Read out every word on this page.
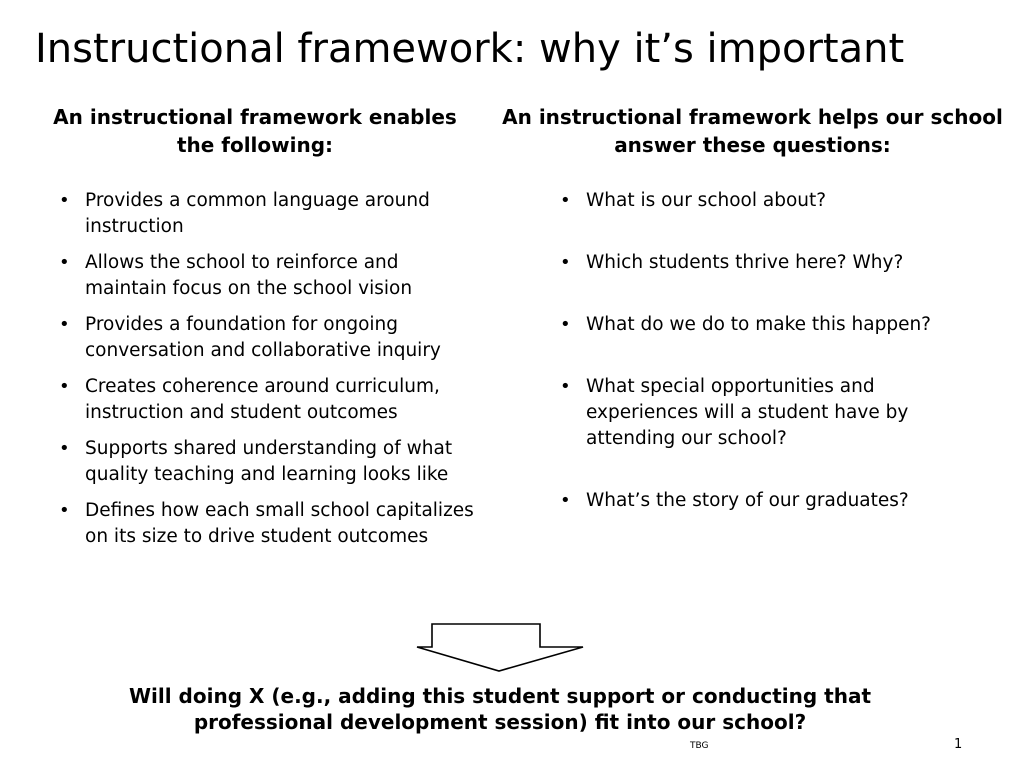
Instructional framework: why it’s important
An instructional framework enables the following:
An instructional framework helps our school answer these questions:
• Provides a common language around instruction
• Allows the school to reinforce and maintain focus on the school vision
• Provides a foundation for ongoing conversation and collaborative inquiry
• Creates coherence around curriculum, instruction and student outcomes
• Supports shared understanding of what quality teaching and learning looks like
• Defines how each small school capitalizes on its size to drive student outcomes
• What is our school about?
• Which students thrive here? Why?
• What do we do to make this happen?
• What special opportunities and experiences will a student have by attending our school?
• What’s the story of our graduates?

Will doing X (e.g., adding this student support or conducting that professional development session) fit into our school?

TBG	1
